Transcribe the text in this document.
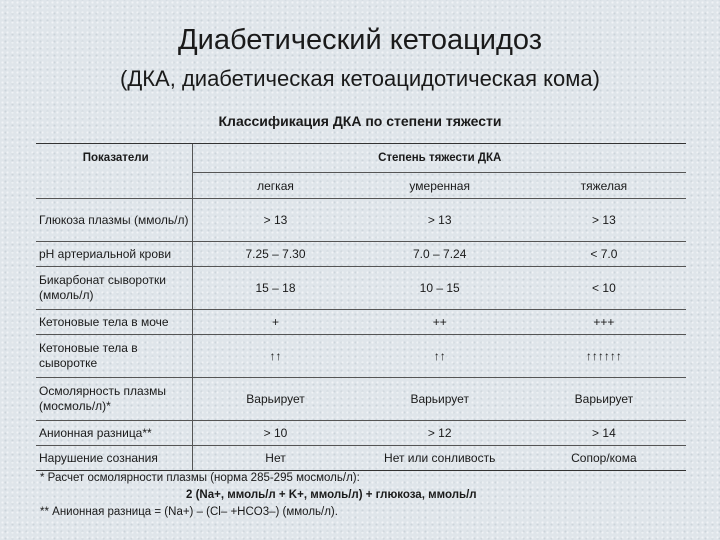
Диабетический кетоацидоз
(ДКА, диабетическая кетоацидотическая кома)
Классификация ДКА по степени тяжести
Показатели	Степень тяжести ДКА		
	легкая	умеренная	тяжелая
Глюкоза плазмы (ммоль/л)	> 13	> 13	> 13
рН артериальной крови	7.25 – 7.30	7.0 – 7.24	< 7.0
Бикарбонат сыворотки (ммоль/л)	15 – 18	10 – 15	< 10
Кетоновые тела в моче	+	++	+++
Кетоновые тела в сыворотке	↑↑	↑↑	↑↑↑↑↑↑
Осмолярность плазмы (мосмоль/л)*	Варьирует	Варьирует	Варьирует
Анионная разница**	> 10	> 12	> 14
Нарушение сознания	Нет	Нет или сонливость	Сопор/кома
* Расчет осмолярности плазмы (норма 285-295 мосмоль/л):
2 (Na+, ммоль/л + K+, ммоль/л) + глюкоза, ммоль/л
** Анионная разница = (Na+) – (Cl– +HCO3–) (ммоль/л).
